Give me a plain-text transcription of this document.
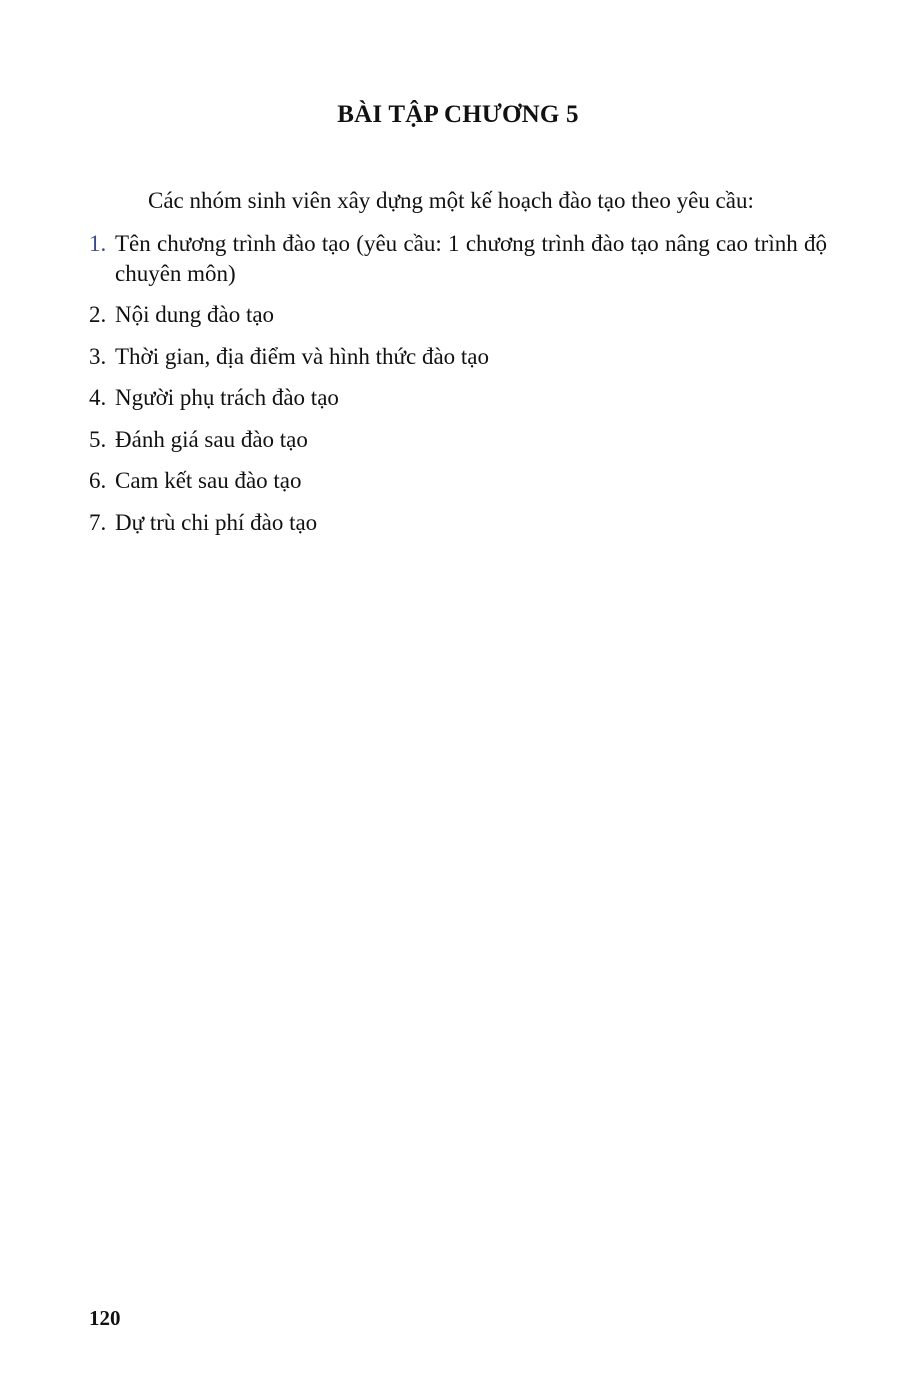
BÀI TẬP CHƯƠNG 5

Các nhóm sinh viên xây dựng một kế hoạch đào tạo theo yêu cầu:

1. Tên chương trình đào tạo (yêu cầu: 1 chương trình đào tạo nâng cao trình độ chuyên môn)
2. Nội dung đào tạo
3. Thời gian, địa điểm và hình thức đào tạo
4. Người phụ trách đào tạo
5. Đánh giá sau đào tạo
6. Cam kết sau đào tạo
7. Dự trù chi phí đào tạo

120
